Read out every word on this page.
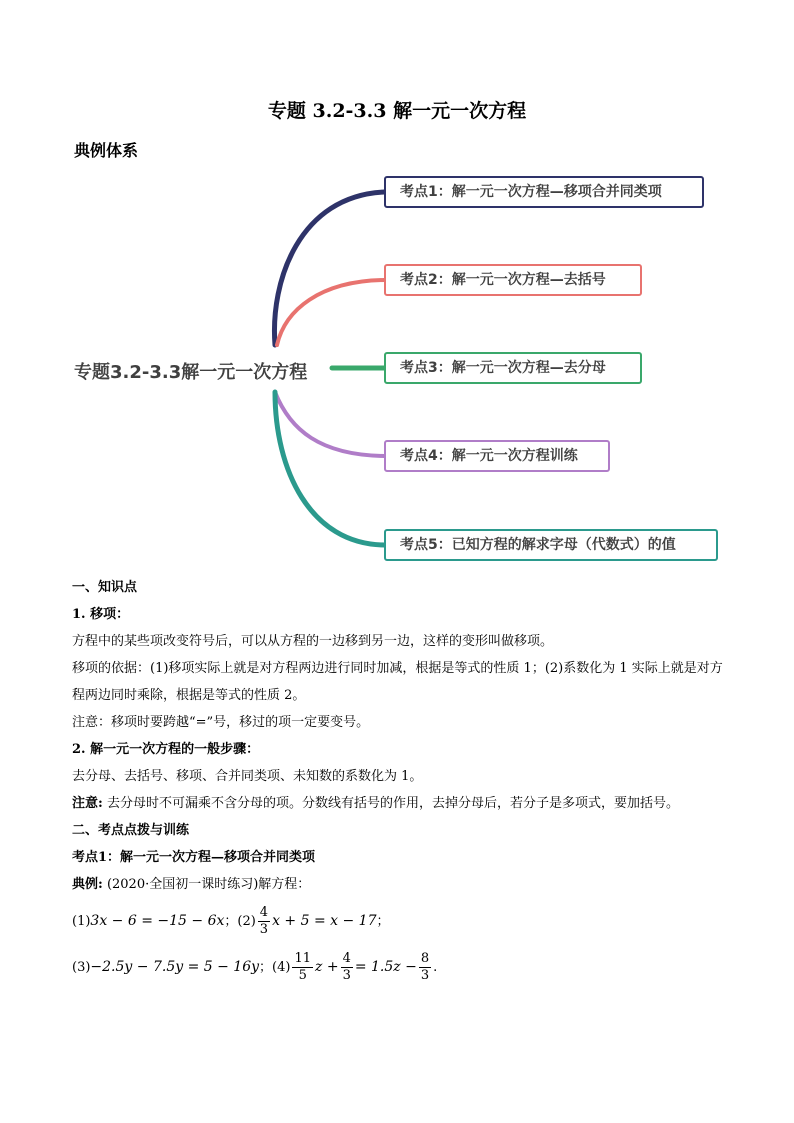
专题 3.2-3.3 解一元一次方程
典例体系
专题3.2-3.3解一元一次方程
考点1：解一元一次方程—移项合并同类项
考点2：解一元一次方程—去括号
考点3：解一元一次方程—去分母
考点4：解一元一次方程训练
考点5：已知方程的解求字母（代数式）的值
一、知识点
1. 移项：
方程中的某些项改变符号后，可以从方程的一边移到另一边，这样的变形叫做移项。
移项的依据：(1)移项实际上就是对方程两边进行同时加减，根据是等式的性质 1；(2)系数化为 1 实际上就是对方程两边同时乘除，根据是等式的性质 2。
注意：移项时要跨越“=”号，移过的项一定要变号。
2. 解一元一次方程的一般步骤：
去分母、去括号、移项、合并同类项、未知数的系数化为 1。
注意: 去分母时不可漏乘不含分母的项。分数线有括号的作用，去掉分母后，若分子是多项式，要加括号。
二、考点点拨与训练
考点1：解一元一次方程—移项合并同类项
典例: (2020·全国初一课时练习)解方程：
(1)3x − 6 = −15 − 6x；$(2) \frac{4}{3}$ x + 5 = x − 17；
(3)−2.5y − 7.5y = 5 − 16y；$(4) \frac{11}{5}$ $z + \frac{4}{3} = 1.5z - \frac{8}{3}$ .
